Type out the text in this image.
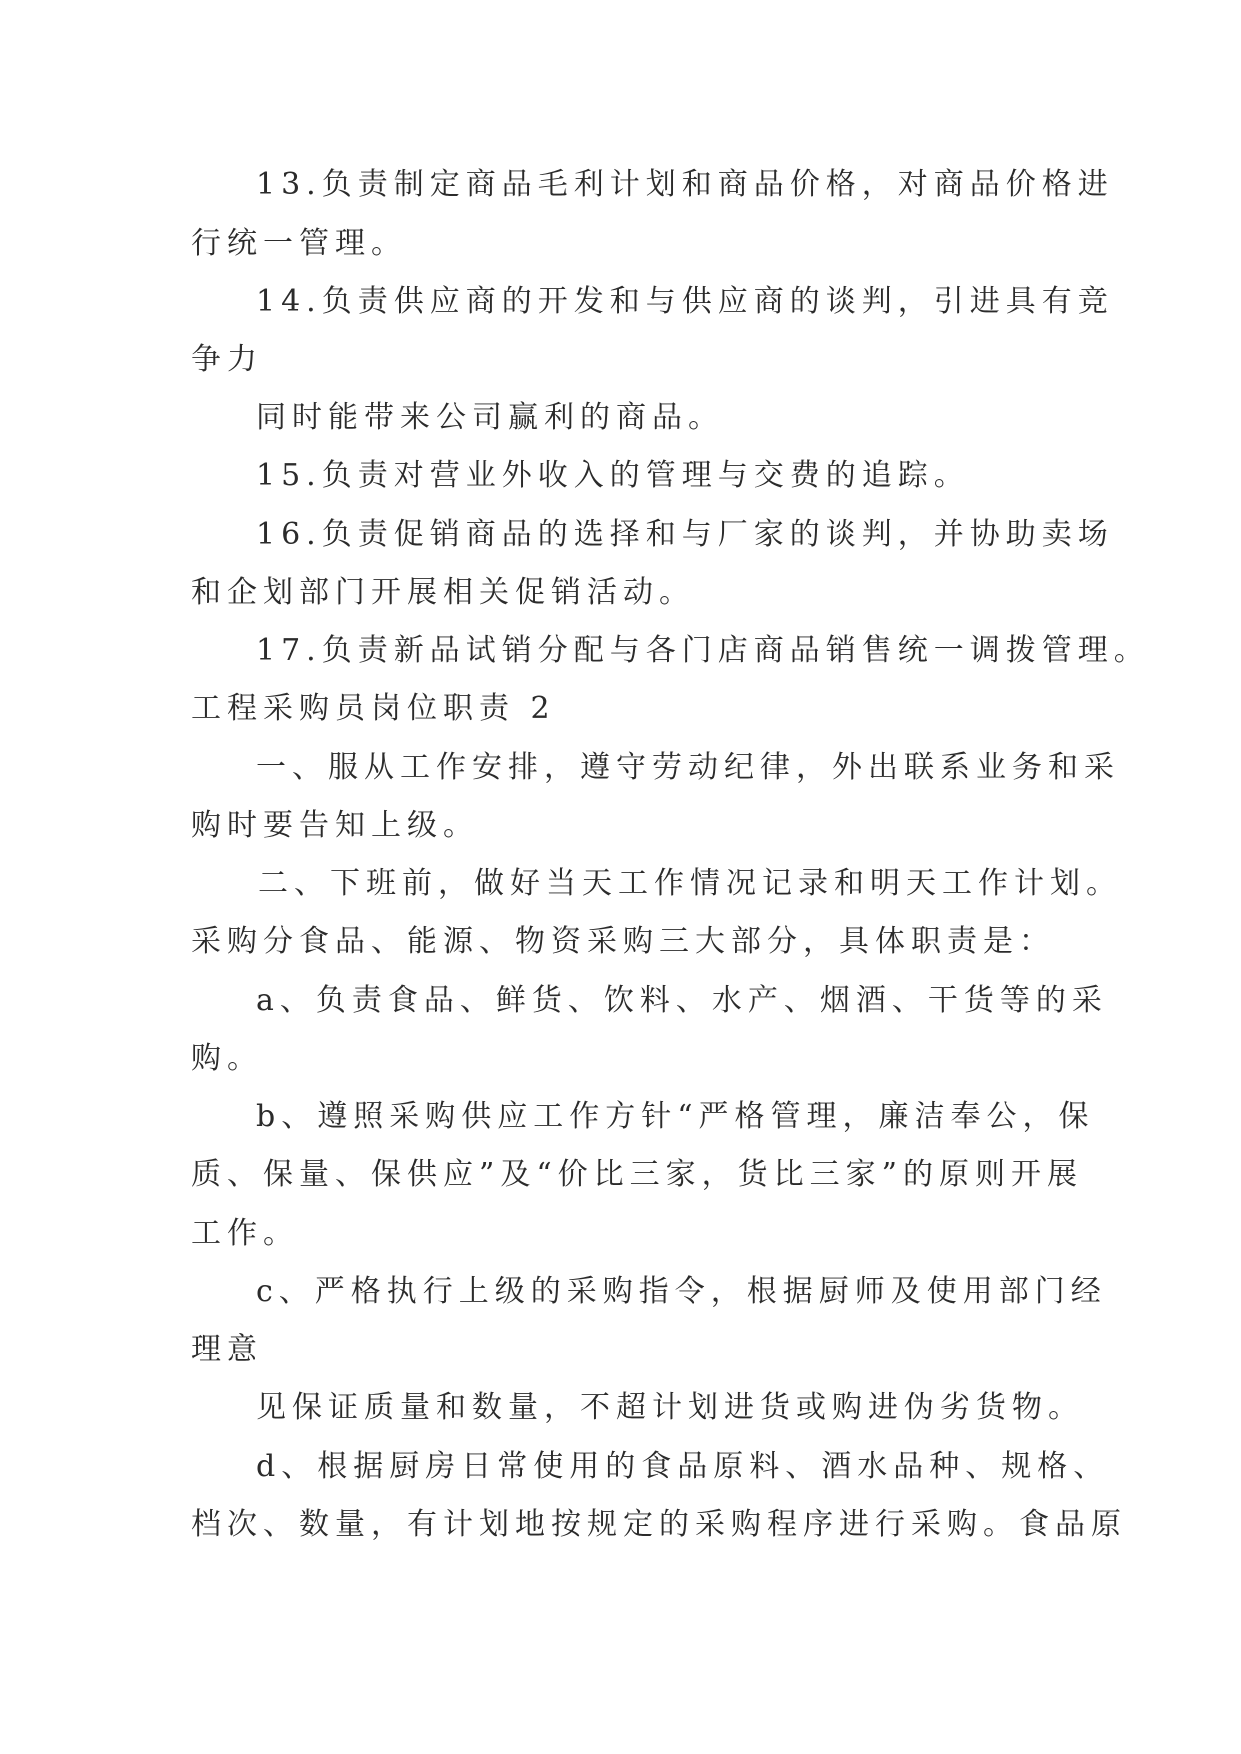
13.负责制定商品毛利计划和商品价格，对商品价格进

行统一管理。

14.负责供应商的开发和与供应商的谈判，引进具有竞

争力

同时能带来公司赢利的商品。

15.负责对营业外收入的管理与交费的追踪。

16.负责促销商品的选择和与厂家的谈判，并协助卖场

和企划部门开展相关促销活动。

17.负责新品试销分配与各门店商品销售统一调拨管理。

工程采购员岗位职责 2

一、服从工作安排，遵守劳动纪律，外出联系业务和采

购时要告知上级。

二、下班前，做好当天工作情况记录和明天工作计划。

采购分食品、能源、物资采购三大部分，具体职责是：

a、负责食品、鲜货、饮料、水产、烟酒、干货等的采

购。

b、遵照采购供应工作方针“严格管理，廉洁奉公，保

质、保量、保供应”及“价比三家，货比三家”的原则开展

工作。

c、严格执行上级的采购指令，根据厨师及使用部门经

理意

见保证质量和数量，不超计划进货或购进伪劣货物。

d、根据厨房日常使用的食品原料、酒水品种、规格、

档次、数量，有计划地按规定的采购程序进行采购。食品原
